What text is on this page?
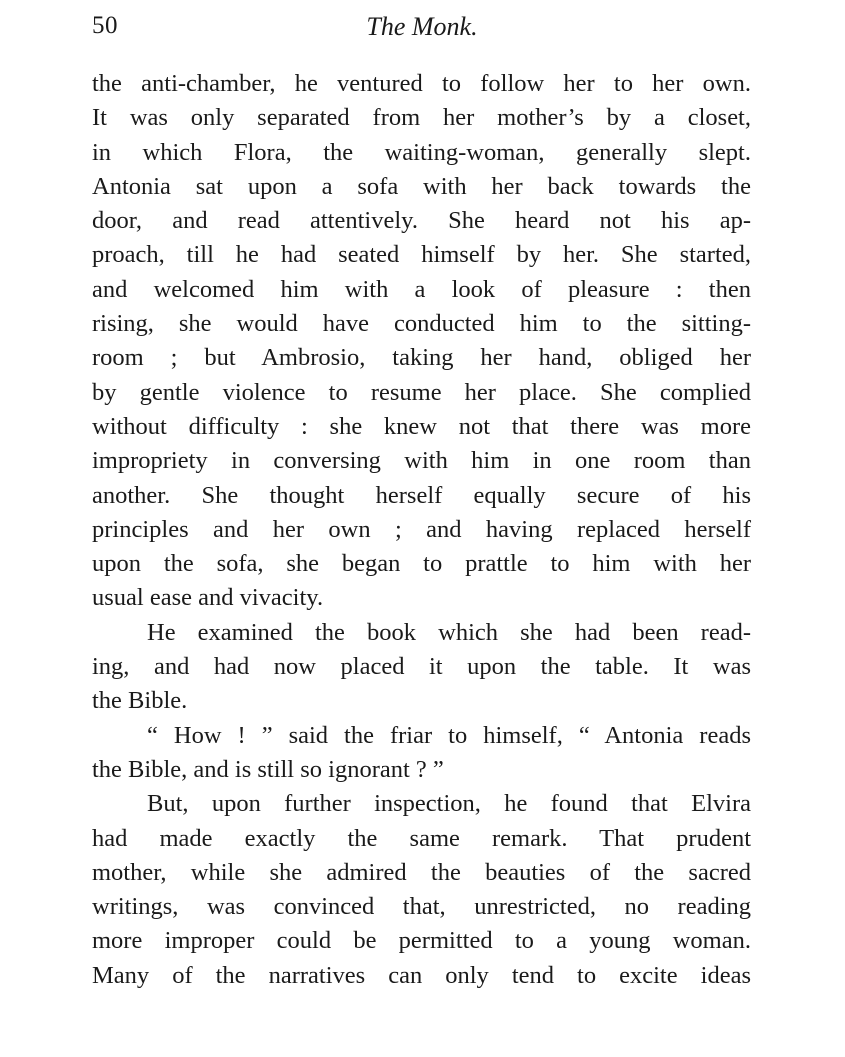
50	The Monk.
the anti-chamber, he ventured to follow her to her own.
It was only separated from her mother’s by a closet,
in which Flora, the waiting-woman, generally slept.
Antonia sat upon a sofa with her back towards the
door, and read attentively. She heard not his ap-
proach, till he had seated himself by her. She started,
and welcomed him with a look of pleasure : then
rising, she would have conducted him to the sitting-
room ; but Ambrosio, taking her hand, obliged her
by gentle violence to resume her place. She complied
without difficulty : she knew not that there was more
impropriety in conversing with him in one room than
another. She thought herself equally secure of his
principles and her own ; and having replaced herself
upon the sofa, she began to prattle to him with her
usual ease and vivacity.
He examined the book which she had been read-
ing, and had now placed it upon the table. It was
the Bible.
“ How ! ” said the friar to himself, “ Antonia reads
the Bible, and is still so ignorant ? ”
But, upon further inspection, he found that Elvira
had made exactly the same remark. That prudent
mother, while she admired the beauties of the sacred
writings, was convinced that, unrestricted, no reading
more improper could be permitted to a young woman.
Many of the narratives can only tend to excite ideas
